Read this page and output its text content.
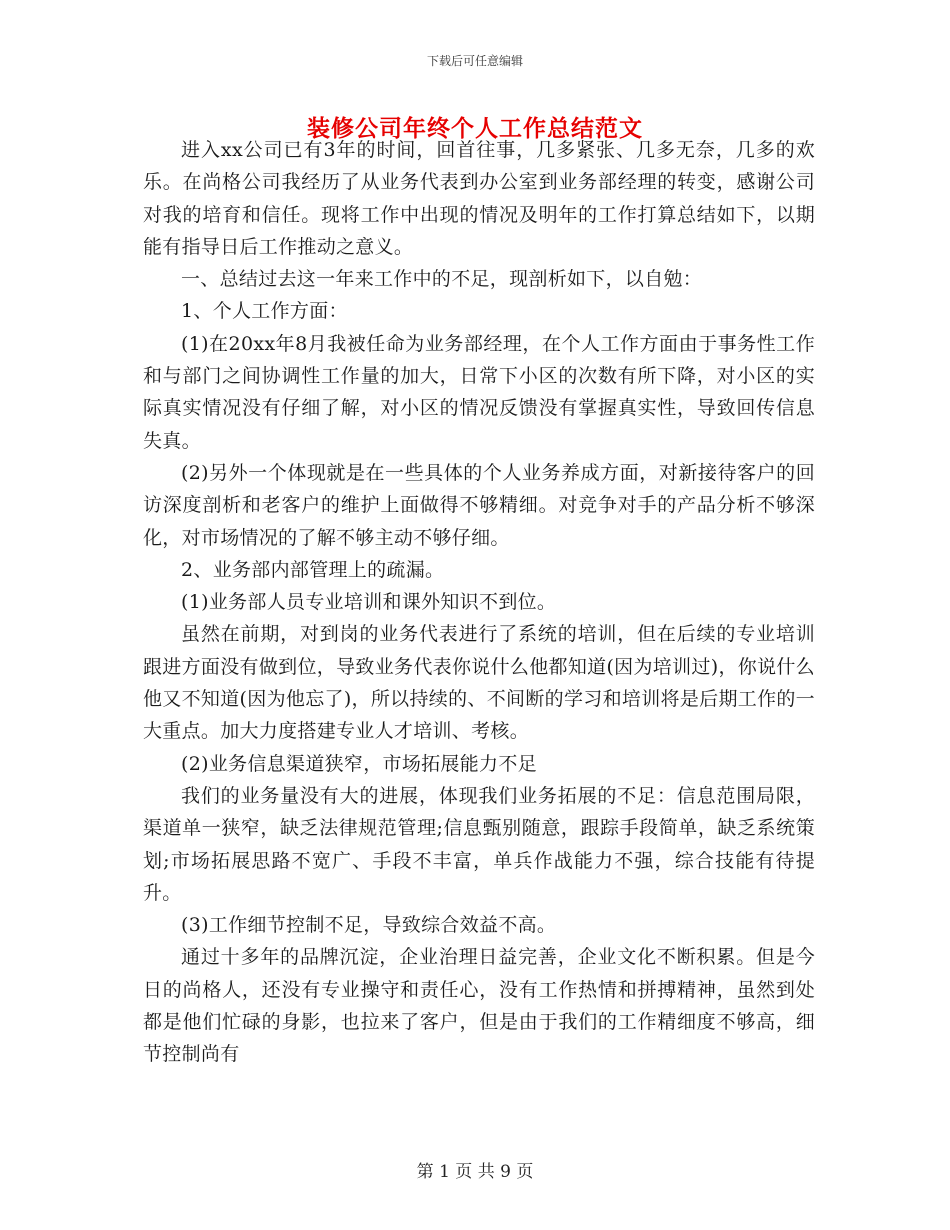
下载后可任意编辑
装修公司年终个人工作总结范文

进入xx公司已有3年的时间，回首往事，几多紧张、几多无奈，几多的欢乐。在尚格公司我经历了从业务代表到办公室到业务部经理的转变，感谢公司对我的培育和信任。现将工作中出现的情况及明年的工作打算总结如下，以期能有指导日后工作推动之意义。

一、总结过去这一年来工作中的不足，现剖析如下，以自勉：

1、个人工作方面：

(1)在20xx年8月我被任命为业务部经理，在个人工作方面由于事务性工作和与部门之间协调性工作量的加大，日常下小区的次数有所下降，对小区的实际真实情况没有仔细了解，对小区的情况反馈没有掌握真实性，导致回传信息失真。

(2)另外一个体现就是在一些具体的个人业务养成方面，对新接待客户的回访深度剖析和老客户的维护上面做得不够精细。对竞争对手的产品分析不够深化，对市场情况的了解不够主动不够仔细。

2、业务部内部管理上的疏漏。

(1)业务部人员专业培训和课外知识不到位。

虽然在前期，对到岗的业务代表进行了系统的培训，但在后续的专业培训跟进方面没有做到位，导致业务代表你说什么他都知道(因为培训过)，你说什么他又不知道(因为他忘了)，所以持续的、不间断的学习和培训将是后期工作的一大重点。加大力度搭建专业人才培训、考核。

(2)业务信息渠道狭窄，市场拓展能力不足

我们的业务量没有大的进展，体现我们业务拓展的不足：信息范围局限，渠道单一狭窄，缺乏法律规范管理;信息甄别随意，跟踪手段简单，缺乏系统策划;市场拓展思路不宽广、手段不丰富，单兵作战能力不强，综合技能有待提升。

(3)工作细节控制不足，导致综合效益不高。

通过十多年的品牌沉淀，企业治理日益完善，企业文化不断积累。但是今日的尚格人，还没有专业操守和责任心，没有工作热情和拼搏精神，虽然到处都是他们忙碌的身影，也拉来了客户，但是由于我们的工作精细度不够高，细节控制尚有

第 1 页 共 9 页
